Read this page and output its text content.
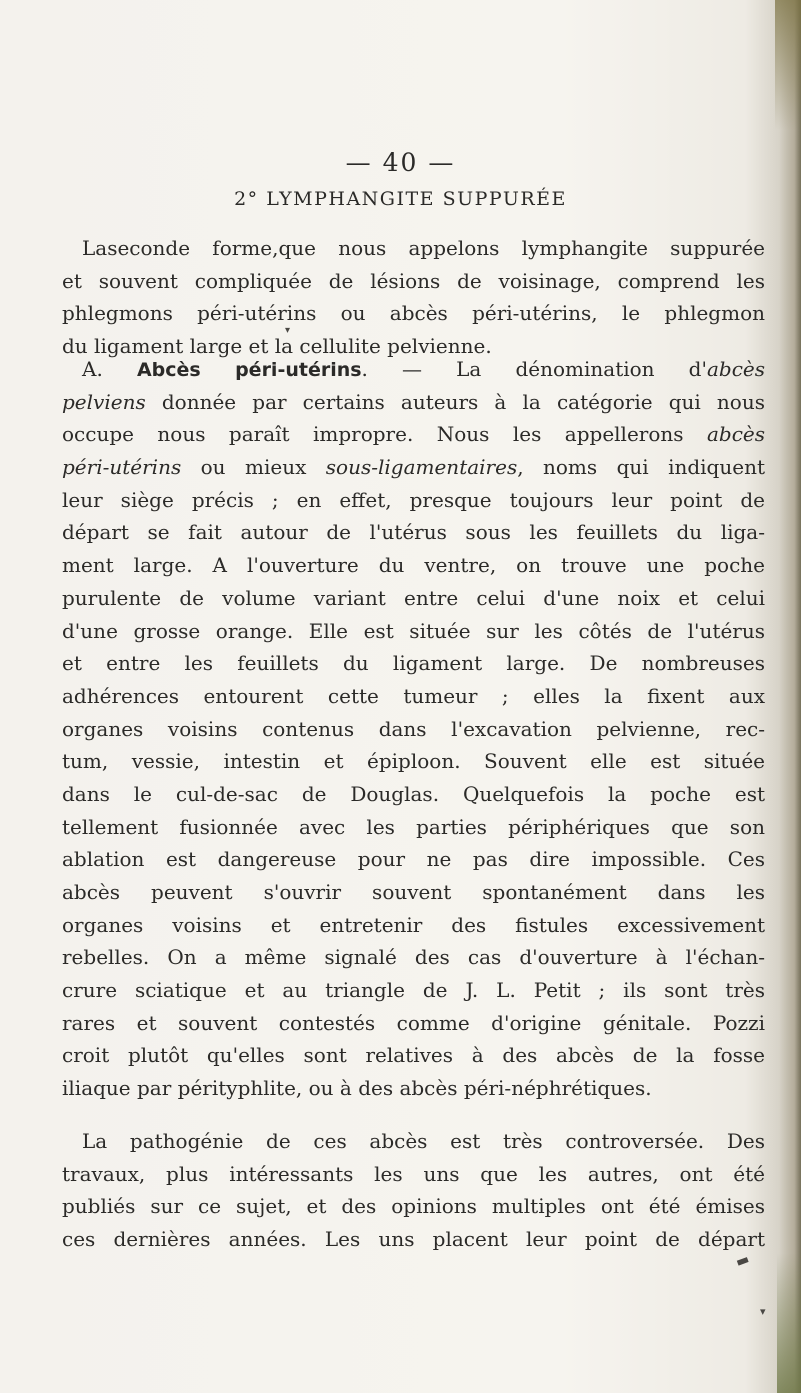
— 40 —
2° LYMPHANGITE SUPPURÉE
Laseconde forme,que nous appelons lymphangite suppurée
et souvent compliquée de lésions de voisinage, comprend les
phlegmons péri-utérins ou abcès péri-utérins, le phlegmon
du ligament large et la cellulite pelvienne.
A. Abcès péri-utérins. — La dénomination d'abcès
pelviens donnée par certains auteurs à la catégorie qui nous
occupe nous paraît impropre. Nous les appellerons abcès
péri-utérins ou mieux sous-ligamentaires, noms qui indiquent
leur siège précis ; en effet, presque toujours leur point de
départ se fait autour de l'utérus sous les feuillets du liga-
ment large. A l'ouverture du ventre, on trouve une poche
purulente de volume variant entre celui d'une noix et celui
d'une grosse orange. Elle est située sur les côtés de l'utérus
et entre les feuillets du ligament large. De nombreuses
adhérences entourent cette tumeur ; elles la fixent aux
organes voisins contenus dans l'excavation pelvienne, rec-
tum, vessie, intestin et épiploon. Souvent elle est située
dans le cul-de-sac de Douglas. Quelquefois la poche est
tellement fusionnée avec les parties périphériques que son
ablation est dangereuse pour ne pas dire impossible. Ces
abcès peuvent s'ouvrir souvent spontanément dans les
organes voisins et entretenir des fistules excessivement
rebelles. On a même signalé des cas d'ouverture à l'échan-
crure sciatique et au triangle de J. L. Petit ; ils sont très
rares et souvent contestés comme d'origine génitale. Pozzi
croit plutôt qu'elles sont relatives à des abcès de la fosse
iliaque par pérityphlite, ou à des abcès péri-néphrétiques.
La pathogénie de ces abcès est très controversée. Des
travaux, plus intéressants les uns que les autres, ont été
publiés sur ce sujet, et des opinions multiples ont été émises
ces dernières années. Les uns placent leur point de départ
▾
▬
▾
